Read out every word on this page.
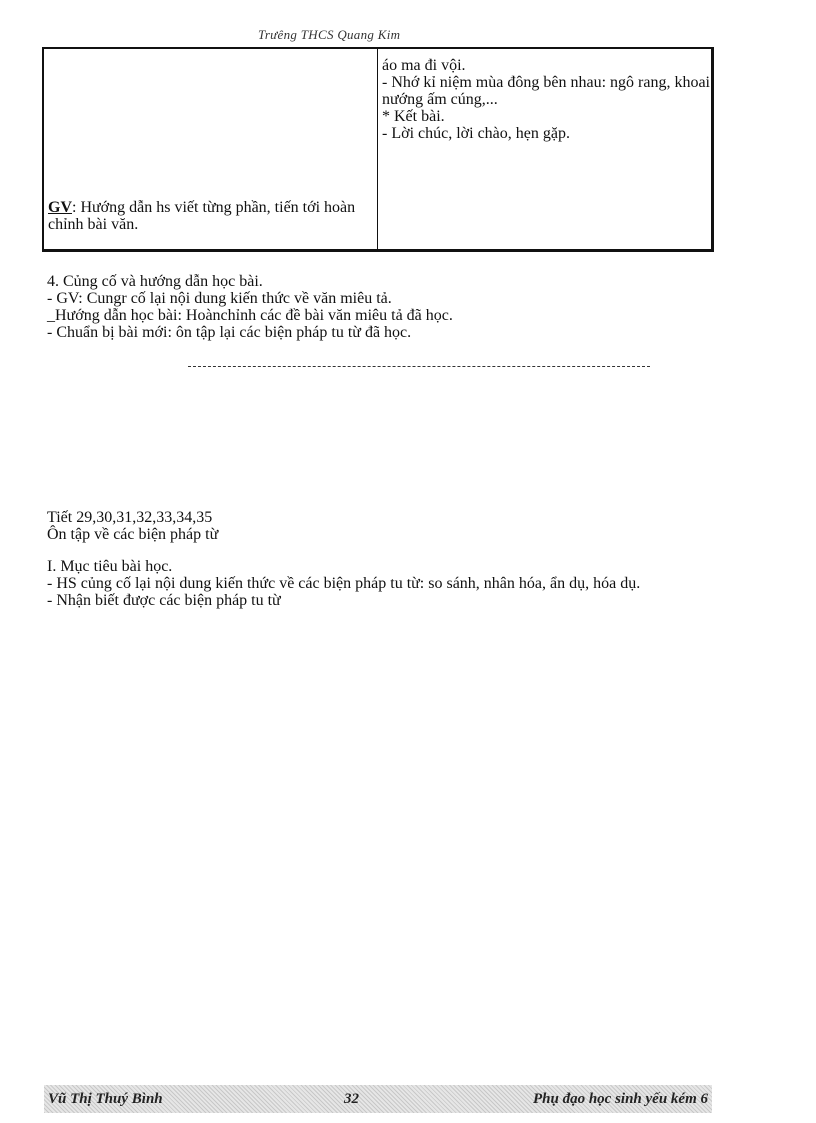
Trưêng THCS Quang Kim

GV: Hướng dẫn hs viết từng phần, tiến tới hoàn chỉnh bài văn.

áo ma đi vội.

- Nhớ kỉ niệm mùa đông bên nhau: ngô rang, khoai nướng ấm cúng,...

* Kết bài.

- Lời chúc, lời chào, hẹn gặp.

4. Củng cố và hướng dẫn học bài.

- GV: Cungr cố lại nội dung kiến thức về văn miêu tả.

_Hướng dẫn học bài: Hoànchỉnh các đề bài văn miêu tả đã học.

- Chuẩn bị bài mới: ôn tập lại các biện pháp tu từ đã học.

Tiết 29,30,31,32,33,34,35

Ôn tập về các biện pháp từ

I. Mục tiêu bài học.

- HS củng cố lại nội dung kiến thức về các biện pháp tu từ: so sánh, nhân hóa, ẩn dụ, hóa dụ.

- Nhận biết được các biện pháp tu từ

Vũ Thị Thuý Bình	32	Phụ đạo học sinh yếu kém 6
